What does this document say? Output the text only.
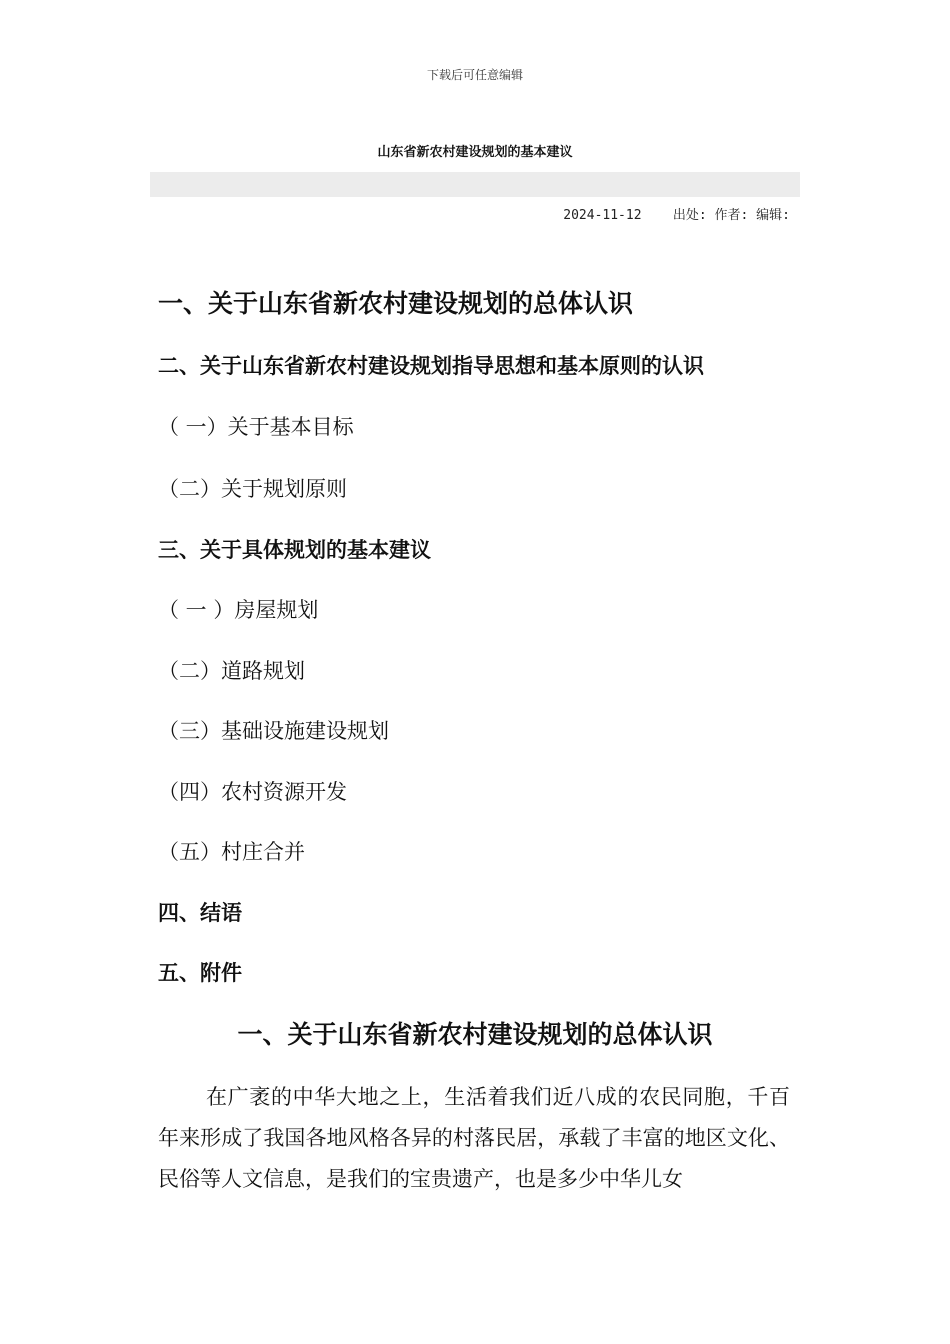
下载后可任意编辑
山东省新农村建设规划的基本建议
2024-11-12 出处: 作者: 编辑:
一、关于山东省新农村建设规划的总体认识
二、关于山东省新农村建设规划指导思想和基本原则的认识
（ 一）关于基本目标
（二）关于规划原则
三、关于具体规划的基本建议
（ 一 ）房屋规划
（二）道路规划
（三）基础设施建设规划
（四）农村资源开发
（五）村庄合并
四、结语
五、附件
一、关于山东省新农村建设规划的总体认识
在广袤的中华大地之上，生活着我们近八成的农民同胞，千百年来形成了我国各地风格各异的村落民居，承载了丰富的地区文化、民俗等人文信息，是我们的宝贵遗产，也是多少中华儿女
